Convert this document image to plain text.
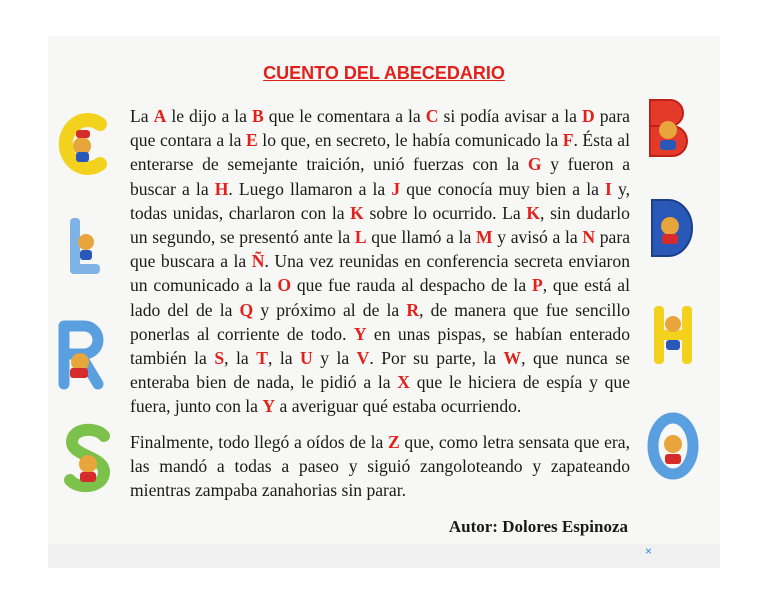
CUENTO DEL ABECEDARIO

La A le dijo a la B que le comentara a la C si podía avisar a la D para que contara a la E lo que, en secreto, le había comunicado la F. Ésta al enterarse de semejante traición, unió fuerzas con la G y fueron a buscar a la H. Luego llamaron a la J que conocía muy bien a la I y, todas unidas, charlaron con la K sobre lo ocurrido. La K, sin dudarlo un segundo, se presentó ante la L que llamó a la M y avisó a la N para que buscara a la Ñ. Una vez reunidas en conferencia secreta enviaron un comunicado a la O que fue rauda al despacho de la P, que está al lado del de la Q y próximo al de la R, de manera que fue sencillo ponerlas al corriente de todo. Y en unas pispas, se habían enterado también la S, la T, la U y la V. Por su parte, la W, que nunca se enteraba bien de nada, le pidió a la X que le hiciera de espía y que fuera, junto con la Y a averiguar qué estaba ocurriendo.

Finalmente, todo llegó a oídos de la Z que, como letra sensata que era, las mandó a todas a paseo y siguió zangoloteando y zapateando mientras zampaba zanahorias sin parar.

Autor: Dolores Espinoza
×
